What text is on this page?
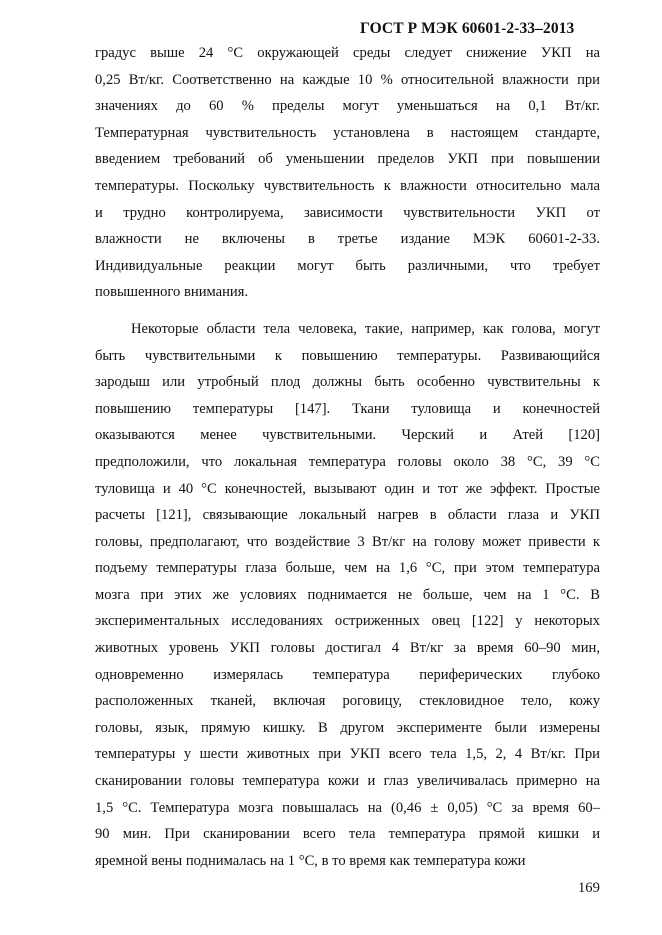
ГОСТ Р МЭК 60601-2-33–2013
градус выше 24 °С окружающей среды следует снижение УКП на
0,25 Вт/кг. Соответственно на каждые 10 % относительной влажности при
значениях до 60 % пределы могут уменьшаться на 0,1 Вт/кг.
Температурная чувствительность установлена в настоящем стандарте,
введением требований об уменьшении пределов УКП при повышении
температуры. Поскольку чувствительность к влажности относительно мала
и трудно контролируема, зависимости чувствительности УКП от
влажности не включены в третье издание МЭК 60601-2-33.
Индивидуальные реакции могут быть различными, что требует
повышенного внимания.
Некоторые области тела человека, такие, например, как голова, могут
быть чувствительными к повышению температуры. Развивающийся
зародыш или утробный плод должны быть особенно чувствительны к
повышению температуры [147]. Ткани туловища и конечностей
оказываются менее чувствительными. Черский и Атей [120]
предположили, что локальная температура головы около 38 °С, 39 °С
туловища и 40 °С конечностей, вызывают один и тот же эффект. Простые
расчеты [121], связывающие локальный нагрев в области глаза и УКП
головы, предполагают, что воздействие 3 Вт/кг на голову может привести к
подъему температуры глаза больше, чем на 1,6 °С, при этом температура
мозга при этих же условиях поднимается не больше, чем на 1 °С. В
экспериментальных исследованиях остриженных овец [122] у некоторых
животных уровень УКП головы достигал 4 Вт/кг за время 60–90 мин,
одновременно измерялась температура периферических глубоко
расположенных тканей, включая роговицу, стекловидное тело, кожу
головы, язык, прямую кишку. В другом эксперименте были измерены
температуры у шести животных при УКП всего тела 1,5, 2, 4 Вт/кг. При
сканировании головы температура кожи и глаз увеличивалась примерно на
1,5 °С. Температура мозга повышалась на (0,46 ± 0,05) °С за время 60–
90 мин. При сканировании всего тела температура прямой кишки и
яремной вены поднималась на 1 °С, в то время как температура кожи
169
